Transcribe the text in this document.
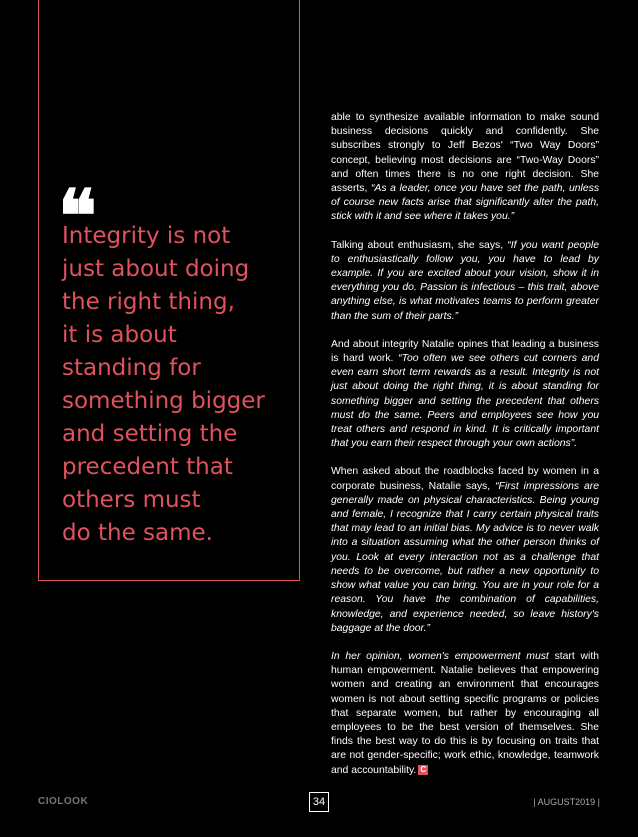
❝

Integrity is not
just about doing
the right thing,
it is about
standing for
something bigger
and setting the
precedent that
others must
do the same.

able to synthesize available information to make sound business decisions quickly and confidently. She subscribes strongly to Jeff Bezos' “Two Way Doors” concept, believing most decisions are “Two-Way Doors” and often times there is no one right decision. She asserts, “As a leader, once you have set the path, unless of course new facts arise that significantly alter the path, stick with it and see where it takes you.”

Talking about enthusiasm, she says, “If you want people to enthusiastically follow you, you have to lead by example. If you are excited about your vision, show it in everything you do. Passion is infectious – this trait, above anything else, is what motivates teams to perform greater than the sum of their parts.”

And about integrity Natalie opines that leading a business is hard work. “Too often we see others cut corners and even earn short term rewards as a result. Integrity is not just about doing the right thing, it is about standing for something bigger and setting the precedent that others must do the same. Peers and employees see how you treat others and respond in kind. It is critically important that you earn their respect through your own actions”.

When asked about the roadblocks faced by women in a corporate business, Natalie says, “First impressions are generally made on physical characteristics. Being young and female, I recognize that I carry certain physical traits that may lead to an initial bias. My advice is to never walk into a situation assuming what the other person thinks of you. Look at every interaction not as a challenge that needs to be overcome, but rather a new opportunity to show what value you can bring. You are in your role for a reason. You have the combination of capabilities, knowledge, and experience needed, so leave history's baggage at the door.”

In her opinion, women's empowerment must start with human empowerment. Natalie believes that empowering women and creating an environment that encourages women is not about setting specific programs or policies that separate women, but rather by encouraging all employees to be the best version of themselves. She finds the best way to do this is by focusing on traits that are not gender-specific; work ethic, knowledge, teamwork and accountability. C

CIOLOOK	34	| AUGUST2019 |
